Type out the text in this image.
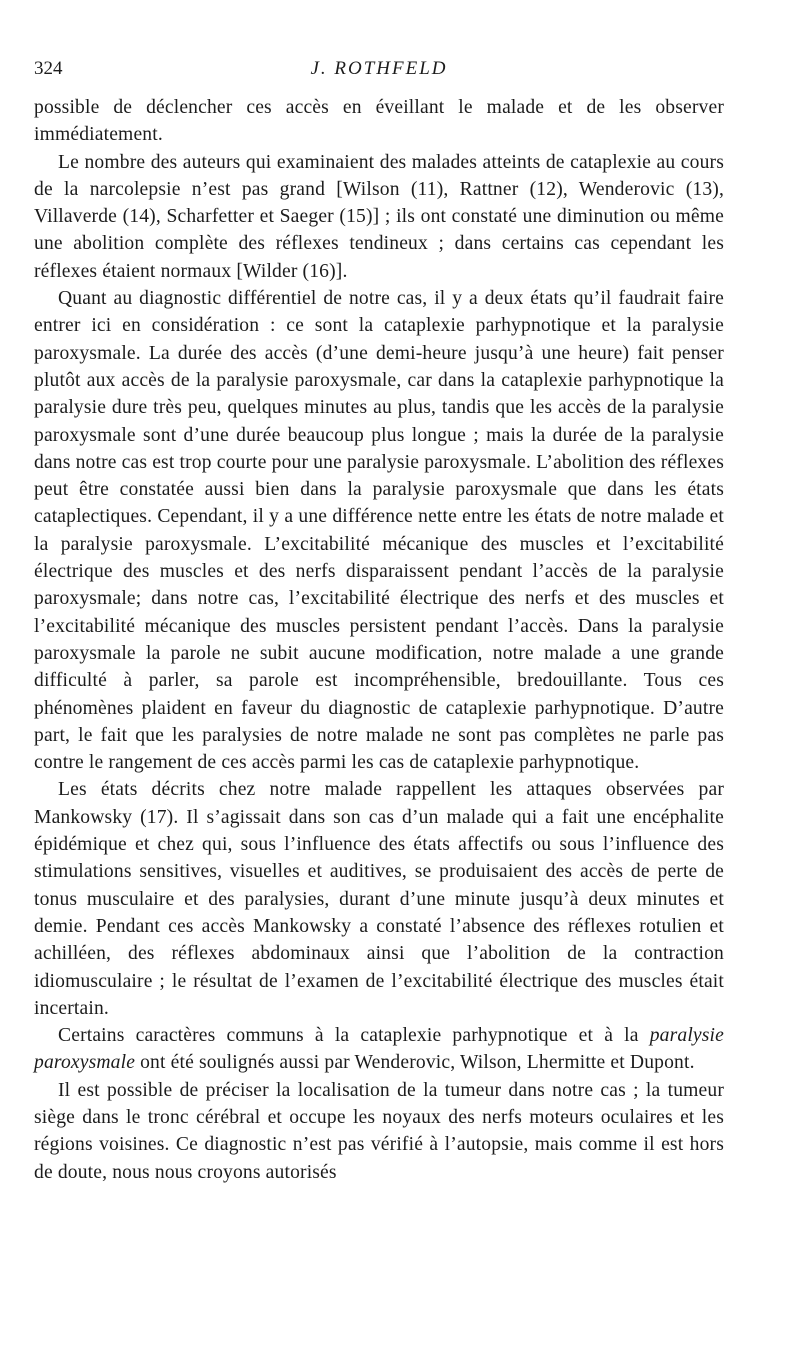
324	J. ROTHFELD

possible de déclencher ces accès en éveillant le malade et de les observer immédiatement.

Le nombre des auteurs qui examinaient des malades atteints de cataplexie au cours de la narcolepsie n’est pas grand [Wilson (11), Rattner (12), Wenderovic (13), Villaverde (14), Scharfetter et Saeger (15)] ; ils ont constaté une diminution ou même une abolition complète des réflexes tendineux ; dans certains cas cependant les réflexes étaient normaux [Wilder (16)].

Quant au diagnostic différentiel de notre cas, il y a deux états qu’il faudrait faire entrer ici en considération : ce sont la cataplexie parhypnotique et la paralysie paroxysmale. La durée des accès (d’une demi-heure jusqu’à une heure) fait penser plutôt aux accès de la paralysie paroxysmale, car dans la cataplexie parhypnotique la paralysie dure très peu, quelques minutes au plus, tandis que les accès de la paralysie paroxysmale sont d’une durée beaucoup plus longue ; mais la durée de la paralysie dans notre cas est trop courte pour une paralysie paroxysmale. L’abolition des réflexes peut être constatée aussi bien dans la paralysie paroxysmale que dans les états cataplectiques. Cependant, il y a une différence nette entre les états de notre malade et la paralysie paroxysmale. L’excitabilité mécanique des muscles et l’excitabilité électrique des muscles et des nerfs disparaissent pendant l’accès de la paralysie paroxysmale; dans notre cas, l’excitabilité électrique des nerfs et des muscles et l’excitabilité mécanique des muscles persistent pendant l’accès. Dans la paralysie paroxysmale la parole ne subit aucune modification, notre malade a une grande difficulté à parler, sa parole est incompréhensible, bredouillante. Tous ces phénomènes plaident en faveur du diagnostic de cataplexie parhypnotique. D’autre part, le fait que les paralysies de notre malade ne sont pas complètes ne parle pas contre le rangement de ces accès parmi les cas de cataplexie parhypnotique.

Les états décrits chez notre malade rappellent les attaques observées par Mankowsky (17). Il s’agissait dans son cas d’un malade qui a fait une encéphalite épidémique et chez qui, sous l’influence des états affectifs ou sous l’influence des stimulations sensitives, visuelles et auditives, se produisaient des accès de perte de tonus musculaire et des paralysies, durant d’une minute jusqu’à deux minutes et demie. Pendant ces accès Mankowsky a constaté l’absence des réflexes rotulien et achilléen, des réflexes abdominaux ainsi que l’abolition de la contraction idiomusculaire ; le résultat de l’examen de l’excitabilité électrique des muscles était incertain.

Certains caractères communs à la cataplexie parhypnotique et à la paralysie paroxysmale ont été soulignés aussi par Wenderovic, Wilson, Lhermitte et Dupont.

Il est possible de préciser la localisation de la tumeur dans notre cas ; la tumeur siège dans le tronc cérébral et occupe les noyaux des nerfs moteurs oculaires et les régions voisines. Ce diagnostic n’est pas vérifié à l’autopsie, mais comme il est hors de doute, nous nous croyons autorisés
